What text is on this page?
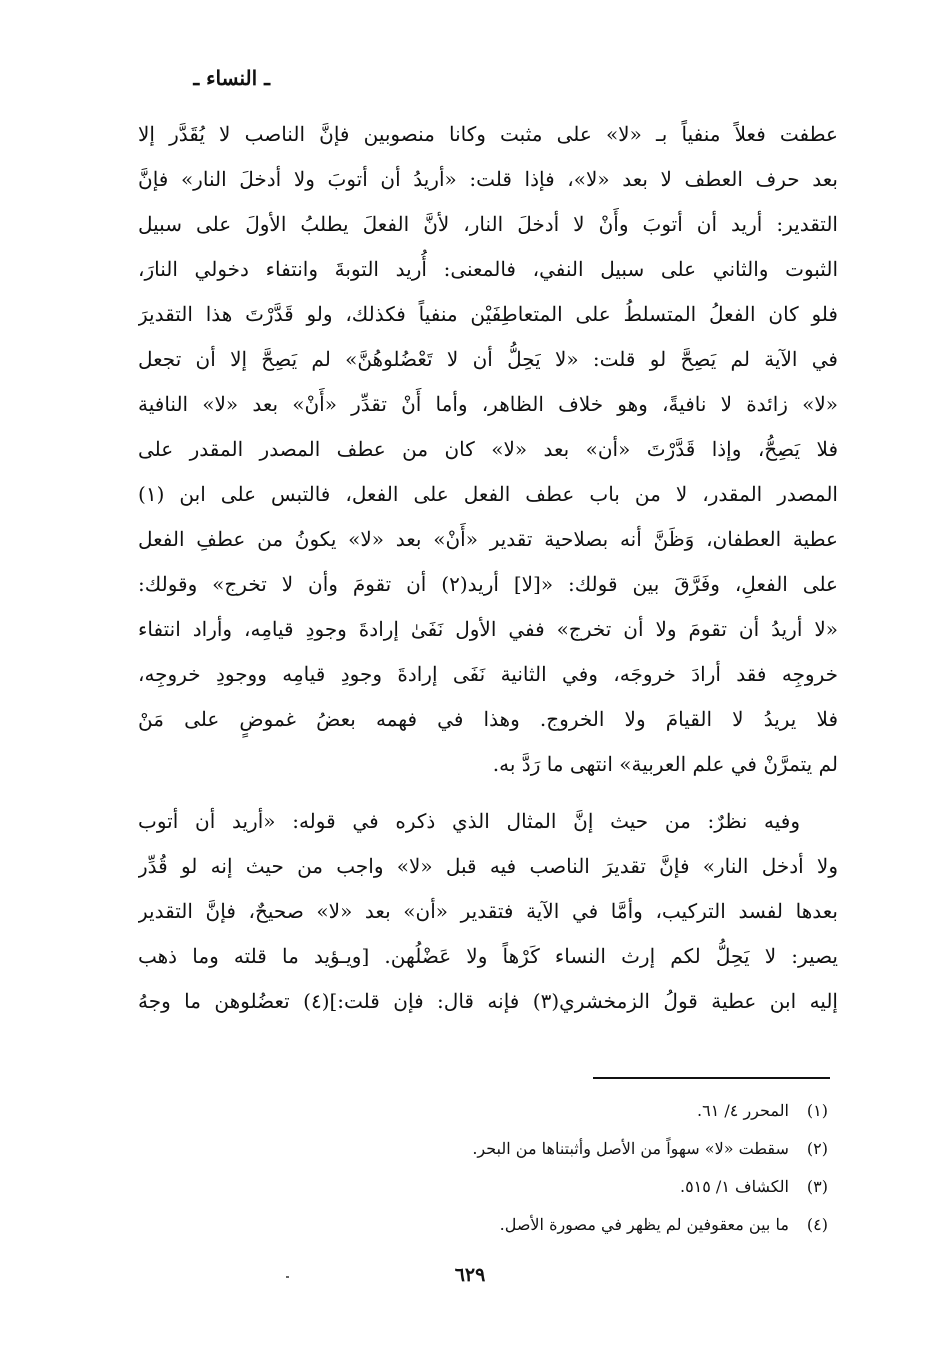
ـ النساء ـ
عطفت فعلاً منفياً بـ «لا» على مثبت وكانا منصوبين فإنَّ الناصب لا يُقَدَّر إلا
بعد حرف العطف لا بعد «لا»، فإذا قلت: «أريدُ أن أتوبَ ولا أدخلَ النار» فإنَّ
التقدير: أريد أن أتوبَ وأَنْ لا أدخلَ النار، لأنَّ الفعلَ يطلبُ الأولَ على سبيل
الثبوت والثاني على سبيل النفي، فالمعنى: أُريد التوبةَ وانتفاء دخولي النارَ،
فلو كان الفعلُ المتسلطُ على المتعاطِفَيْن منفياً فكذلك، ولو قَدَّرْتَ هذا التقديرَ
في الآية لم يَصِحَّ لو قلت: «لا يَحِلُّ أن لا تَعْضُلوهُنَّ» لم يَصِحَّ إلا أن تجعل
«لا» زائدة لا نافيةً، وهو خلاف الظاهر، وأما أَنْ تقدِّر «أَنْ» بعد «لا» النافية
فلا يَصِحُّ، وإذا قَدَّرْتَ «أن» بعد «لا» كان من عطف المصدر المقدر على
المصدر المقدر، لا من باب عطف الفعل على الفعل، فالتبس على ابن (١)
عطية العطفان، وَظَنَّ أنه بصلاحية تقدير «أَنْ» بعد «لا» يكونُ من عطفِ الفعل
على الفعلِ، وفَرَّقَ بين قولك: «[لا] أريد(٢) أن تقومَ وأن لا تخرج» وقولك:
«لا أريدُ أن تقومَ ولا أن تخرج» ففي الأول نَفَىٰ إرادةَ وجودِ قيامِه، وأراد انتفاء
خروجِه فقد أرادَ خروجَه، وفي الثانية نَفَى إرادةَ وجودِ قيامِه ووجودِ خروجِه،
فلا يريدُ لا القيامَ ولا الخروج. وهذا في فهمه بعضُ غموضٍ على مَنْ
لم يتمرَّنْ في علم العربية» انتهى ما رَدَّ به.
وفيه نظرٌ: من حيث إنَّ المثال الذي ذكره في قوله: «أريد أن أتوب
ولا أدخل النار» فإنَّ تقديرَ الناصب فيه قبل «لا» واجب من حيث إنه لو قُدِّر
بعدها لفسد التركيب، وأمَّا في الآية فتقدير «أن» بعد «لا» صحيحٌ، فإنَّ التقدير
يصير: لا يَحِلُّ لكم إرث النساء كَرْهاً ولا عَضْلُهن. [ويـؤيد ما قلته وما ذهب
إليه ابن عطية قولُ الزمخشري(٣) فإنه قال: فإن قلت:](٤) تعضُلوهن ما وجهُ
(١) المحرر ٤/ ٦١.
(٢) سقطت «لا» سهواً من الأصل وأثبتناها من البحر.
(٣) الكشاف ١/ ٥١٥.
(٤) ما بين معقوفين لم يظهر في مصورة الأصل.
٦٢٩
